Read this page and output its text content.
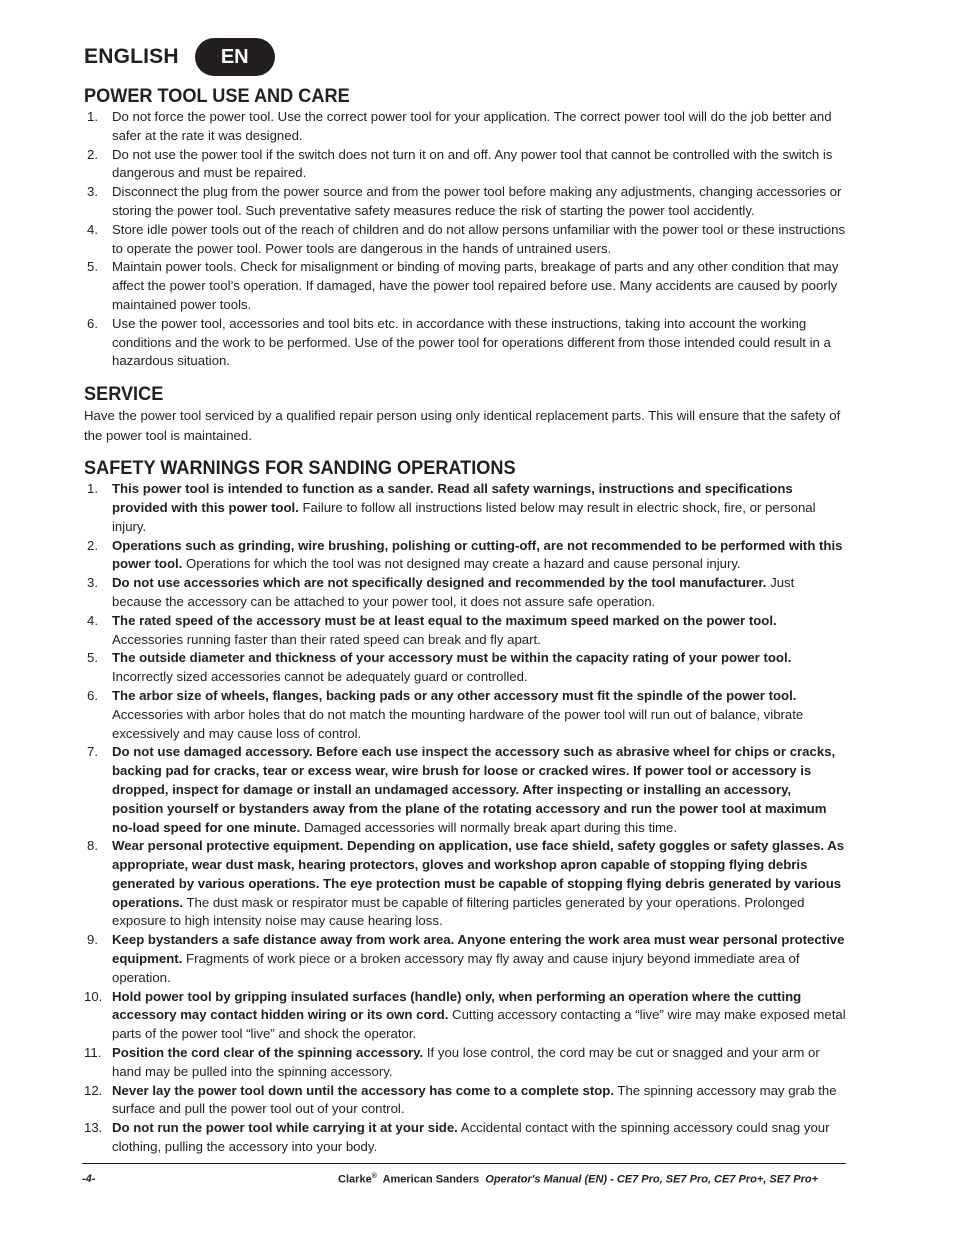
ENGLISH	EN
POWER TOOL USE AND CARE
1. Do not force the power tool. Use the correct power tool for your application. The correct power tool will do the job better and safer at the rate it was designed.
2. Do not use the power tool if the switch does not turn it on and off. Any power tool that cannot be controlled with the switch is dangerous and must be repaired.
3. Disconnect the plug from the power source and from the power tool before making any adjustments, changing accessories or storing the power tool. Such preventative safety measures reduce the risk of starting the power tool accidently.
4. Store idle power tools out of the reach of children and do not allow persons unfamiliar with the power tool or these instructions to operate the power tool. Power tools are dangerous in the hands of untrained users.
5. Maintain power tools. Check for misalignment or binding of moving parts, breakage of parts and any other condition that may affect the power tool’s operation. If damaged, have the power tool repaired before use. Many accidents are caused by poorly maintained power tools.
6. Use the power tool, accessories and tool bits etc. in accordance with these instructions, taking into account the working conditions and the work to be performed. Use of the power tool for operations different from those intended could result in a hazardous situation.
SERVICE

Have the power tool serviced by a qualified repair person using only identical replacement parts. This will ensure that the safety of the power tool is maintained.

SAFETY WARNINGS FOR SANDING OPERATIONS
1. This power tool is intended to function as a sander. Read all safety warnings, instructions and specifications provided with this power tool. Failure to follow all instructions listed below may result in electric shock, fire, or personal injury.
2. Operations such as grinding, wire brushing, polishing or cutting-off, are not recommended to be performed with this power tool. Operations for which the tool was not designed may create a hazard and cause personal injury.
3. Do not use accessories which are not specifically designed and recommended by the tool manufacturer. Just because the accessory can be attached to your power tool, it does not assure safe operation.
4. The rated speed of the accessory must be at least equal to the maximum speed marked on the power tool. Accessories running faster than their rated speed can break and fly apart.
5. The outside diameter and thickness of your accessory must be within the capacity rating of your power tool. Incorrectly sized accessories cannot be adequately guard or controlled.
6. The arbor size of wheels, flanges, backing pads or any other accessory must fit the spindle of the power tool. Accessories with arbor holes that do not match the mounting hardware of the power tool will run out of balance, vibrate excessively and may cause loss of control.
7. Do not use damaged accessory. Before each use inspect the accessory such as abrasive wheel for chips or cracks, backing pad for cracks, tear or excess wear, wire brush for loose or cracked wires. If power tool or accessory is dropped, inspect for damage or install an undamaged accessory. After inspecting or installing an accessory, position yourself or bystanders away from the plane of the rotating accessory and run the power tool at maximum no-load speed for one minute. Damaged accessories will normally break apart during this time.
8. Wear personal protective equipment. Depending on application, use face shield, safety goggles or safety glasses. As appropriate, wear dust mask, hearing protectors, gloves and workshop apron capable of stopping flying debris generated by various operations. The eye protection must be capable of stopping flying debris generated by various operations. The dust mask or respirator must be capable of filtering particles generated by your operations. Prolonged exposure to high intensity noise may cause hearing loss.
9. Keep bystanders a safe distance away from work area. Anyone entering the work area must wear personal protective equipment. Fragments of work piece or a broken accessory may fly away and cause injury beyond immediate area of operation.
10. Hold power tool by gripping insulated surfaces (handle) only, when performing an operation where the cutting accessory may contact hidden wiring or its own cord. Cutting accessory contacting a “live” wire may make exposed metal parts of the power tool “live” and shock the operator.
11. Position the cord clear of the spinning accessory. If you lose control, the cord may be cut or snagged and your arm or hand may be pulled into the spinning accessory.
12. Never lay the power tool down until the accessory has come to a complete stop. The spinning accessory may grab the surface and pull the power tool out of your control.
13. Do not run the power tool while carrying it at your side. Accidental contact with the spinning accessory could snag your clothing, pulling the accessory into your body.
-4-	Clarke®  American Sanders  Operator's Manual (EN) - CE7 Pro, SE7 Pro, CE7 Pro+, SE7 Pro+
